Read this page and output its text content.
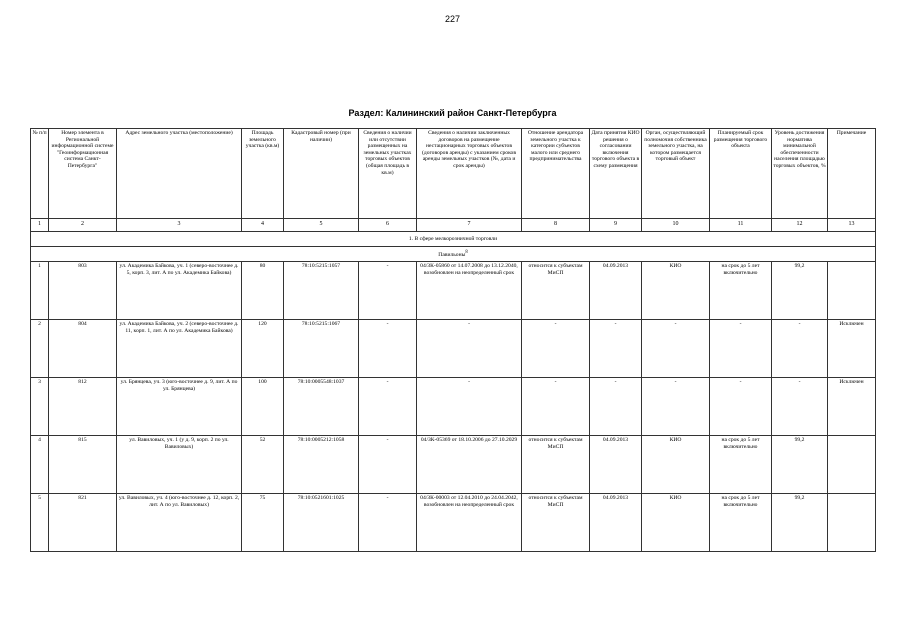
227
Раздел: Калининский район Санкт-Петербурга
№ п/п	Номер элемента в Региональной информационной системе "Геоинформационная система Санкт-Петербурга"	Адрес земельного участка (местоположение)	Площадь земельного участка (кв.м)	Кадастровый номер (при наличии)	Сведения о наличии или отсутствии размещенных на земельных участках торговых объектов (общая площадь в кв.м)	Сведения о наличии заключенных договоров на размещение нестационарных торговых объектов (договоров аренды) с указанием сроков аренды земельных участков (№, дата и срок аренды)	Отношение арендатора земельного участка к категории субъектов малого или среднего предпринимательства	Дата принятия КИО решения о согласовании включения торгового объекта в схему размещения	Орган, осуществляющий полномочия собственника земельного участка, на котором размещается торговый объект	Планируемый срок размещения торгового объекта	Уровень достижения норматива минимальной обеспеченности населения площадью торговых объектов, %	Примечание
1	2	3	4	5	6	7	8	9	10	11	12	13
1. В сфере мелкорозничной торговли												
Павильоны$^8$
1	803	ул. Академика Байкова, уч. 1 (северо-восточнее д. 5, корп. 3, лит. А по ул. Академика Байкова)	80	78:10:5215:1057	-	04/ЗК-05860 от 14.07.2008 до 13.12.2040, возобновлен на неопределенный срок	относится к субъектам МиСП	04.09.2013	КИО	на срок до 5 лет включительно	99,2	
2	804	ул. Академика Байкова, уч. 2 (северо-восточнее д. 11, корп. 1, лит. А по ул. Академика Байкова)	120	78:10:5215:1067	-	-	-	-	-	-	-	Исключен
3	812	ул. Брянцева, уч. 3 (юго-восточнее д. 9, лит. А по ул. Брянцева)	100	78:10:0005548:1037	-	-	-	-	-	-	-	Исключен
4	815	ул. Вавиловых, уч. 1 (у д. 9, корп. 2 по ул. Вавиловых)	52	78:10:0005212:1058	-	04/ЗК-05369 от 18.10.2006 до 27.10.2029	относится к субъектам МиСП	04.09.2013	КИО	на срок до 5 лет включительно	99,2	
5	821	ул. Вавиловых, уч. 4 (юго-восточнее д. 12, корп. 2, лит. А по ул. Вавиловых)	75	78:10:0521601:1025	-	04/ЗК-00003 от 12.04.2010 до 24.04.2042, возобновлен на неопределенный срок	относится к субъектам МиСП	04.09.2013	КИО	на срок до 5 лет включительно	99,2	
